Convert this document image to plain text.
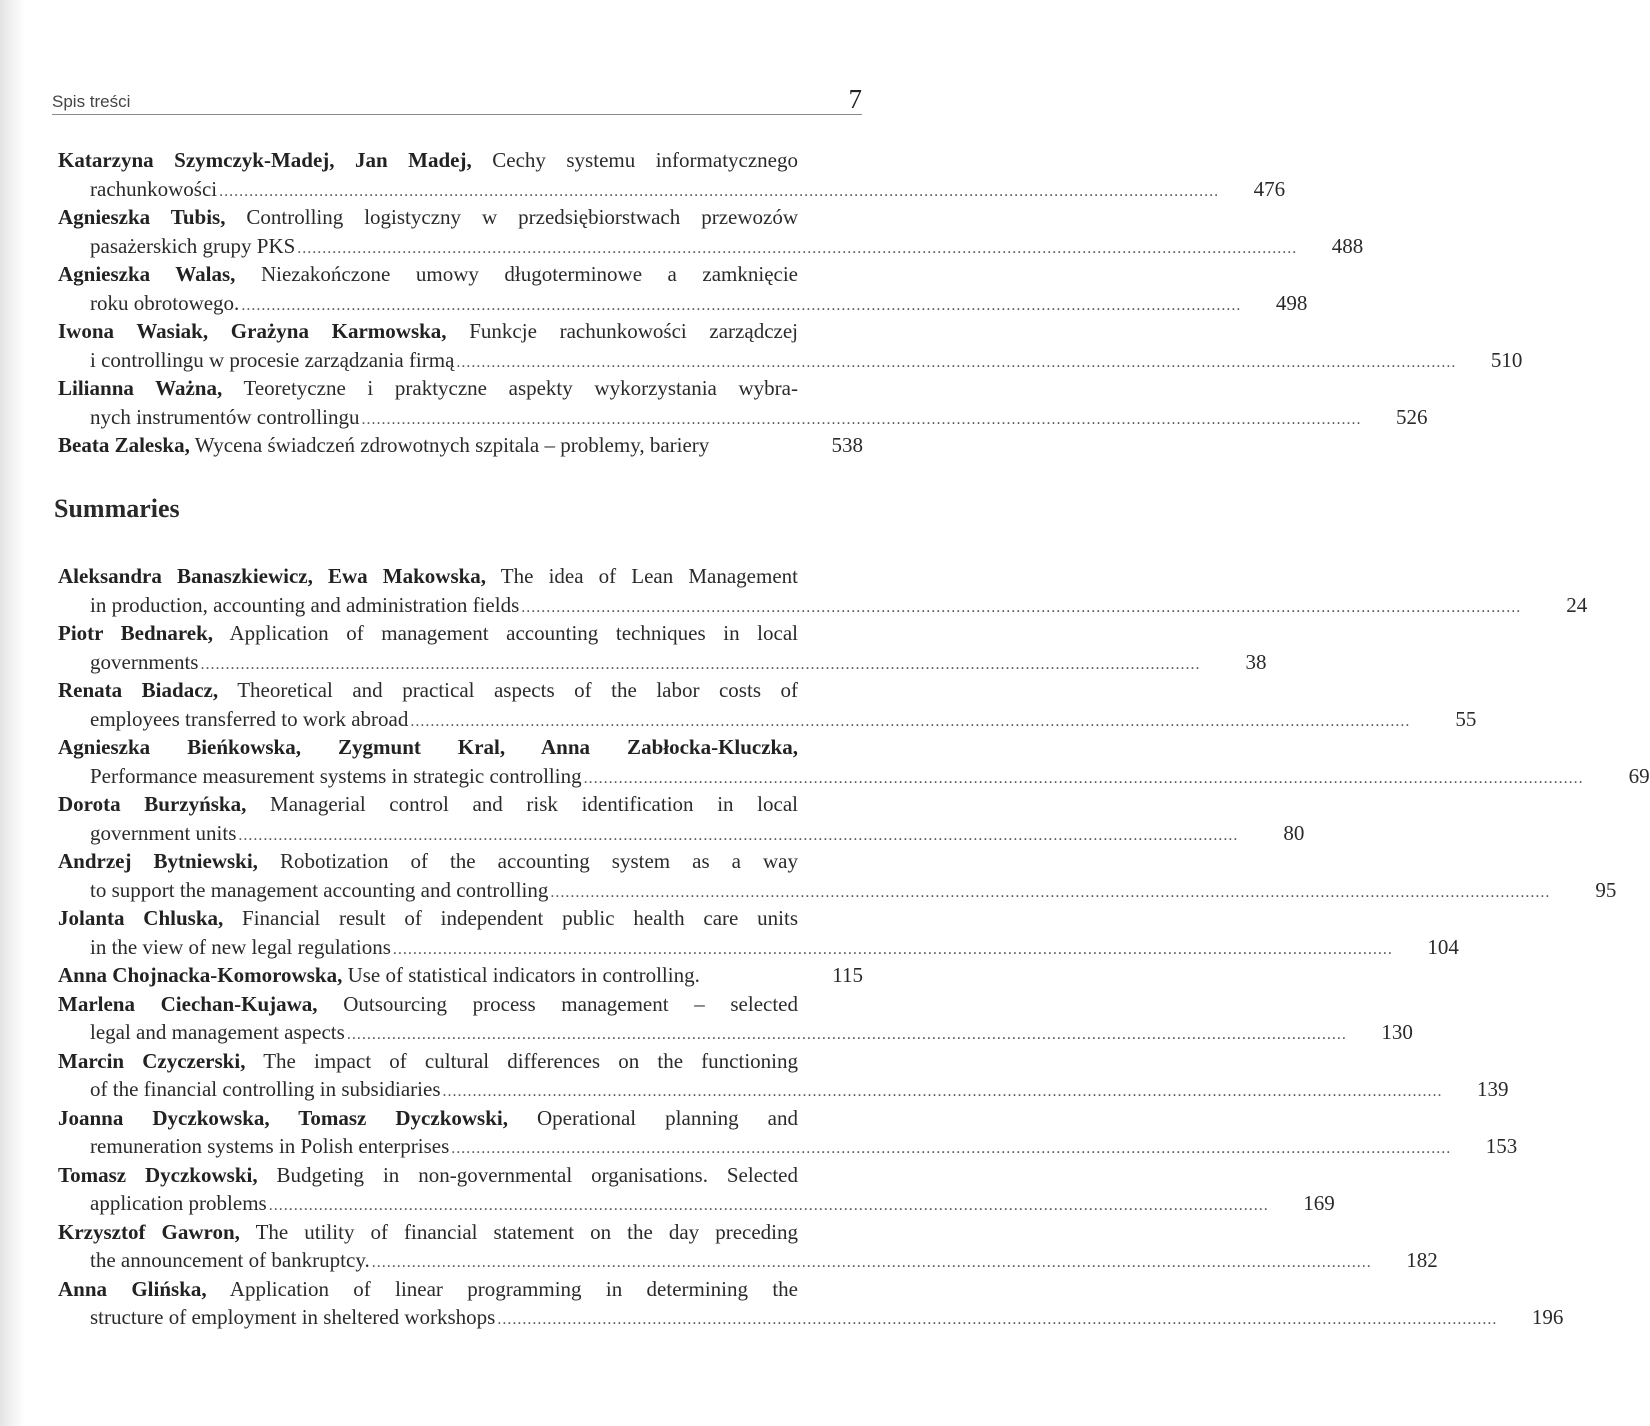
Spis treści	7
Katarzyna Szymczyk-Madej, Jan Madej, Cechy systemu informatycznego
rachunkowości ........................................................................................................................................................................................................	476
Agnieszka Tubis, Controlling logistyczny w przedsiębiorstwach przewozów
pasażerskich grupy PKS ........................................................................................................................................................................................................	488
Agnieszka Walas, Niezakończone umowy długoterminowe a zamknięcie
roku obrotowego. ........................................................................................................................................................................................................	498
Iwona Wasiak, Grażyna Karmowska, Funkcje rachunkowości zarządczej
i controllingu w procesie zarządzania firmą ........................................................................................................................................................................................................	510
Lilianna Ważna, Teoretyczne i praktyczne aspekty wykorzystania wybra-
nych instrumentów controllingu ........................................................................................................................................................................................................	526
Beata Zaleska, Wycena świadczeń zdrowotnych szpitala – problemy, bariery	538
Summaries
Aleksandra Banaszkiewicz, Ewa Makowska, The idea of Lean Management
in production, accounting and administration fields ........................................................................................................................................................................................................	24
Piotr Bednarek, Application of management accounting techniques in local
governments ........................................................................................................................................................................................................	38
Renata Biadacz, Theoretical and practical aspects of the labor costs of
employees transferred to work abroad ........................................................................................................................................................................................................	55
Agnieszka Bieńkowska, Zygmunt Kral, Anna Zabłocka-Kluczka,
Performance measurement systems in strategic controlling ........................................................................................................................................................................................................	69
Dorota Burzyńska, Managerial control and risk identification in local
government units ........................................................................................................................................................................................................	80
Andrzej Bytniewski, Robotization of the accounting system as a way
to support the management accounting and controlling ........................................................................................................................................................................................................	95
Jolanta Chluska, Financial result of independent public health care units
in the view of new legal regulations ........................................................................................................................................................................................................	104
Anna Chojnacka-Komorowska, Use of statistical indicators in controlling.	115
Marlena Ciechan-Kujawa, Outsourcing process management – selected
legal and management aspects ........................................................................................................................................................................................................	130
Marcin Czyczerski, The impact of cultural differences on the functioning
of the financial controlling in subsidiaries ........................................................................................................................................................................................................	139
Joanna Dyczkowska, Tomasz Dyczkowski, Operational planning and
remuneration systems in Polish enterprises ........................................................................................................................................................................................................	153
Tomasz Dyczkowski, Budgeting in non-governmental organisations. Selected
application problems ........................................................................................................................................................................................................	169
Krzysztof Gawron, The utility of financial statement on the day preceding
the announcement of bankruptcy. ........................................................................................................................................................................................................	182
Anna Glińska, Application of linear programming in determining the
structure of employment in sheltered workshops ........................................................................................................................................................................................................	196
